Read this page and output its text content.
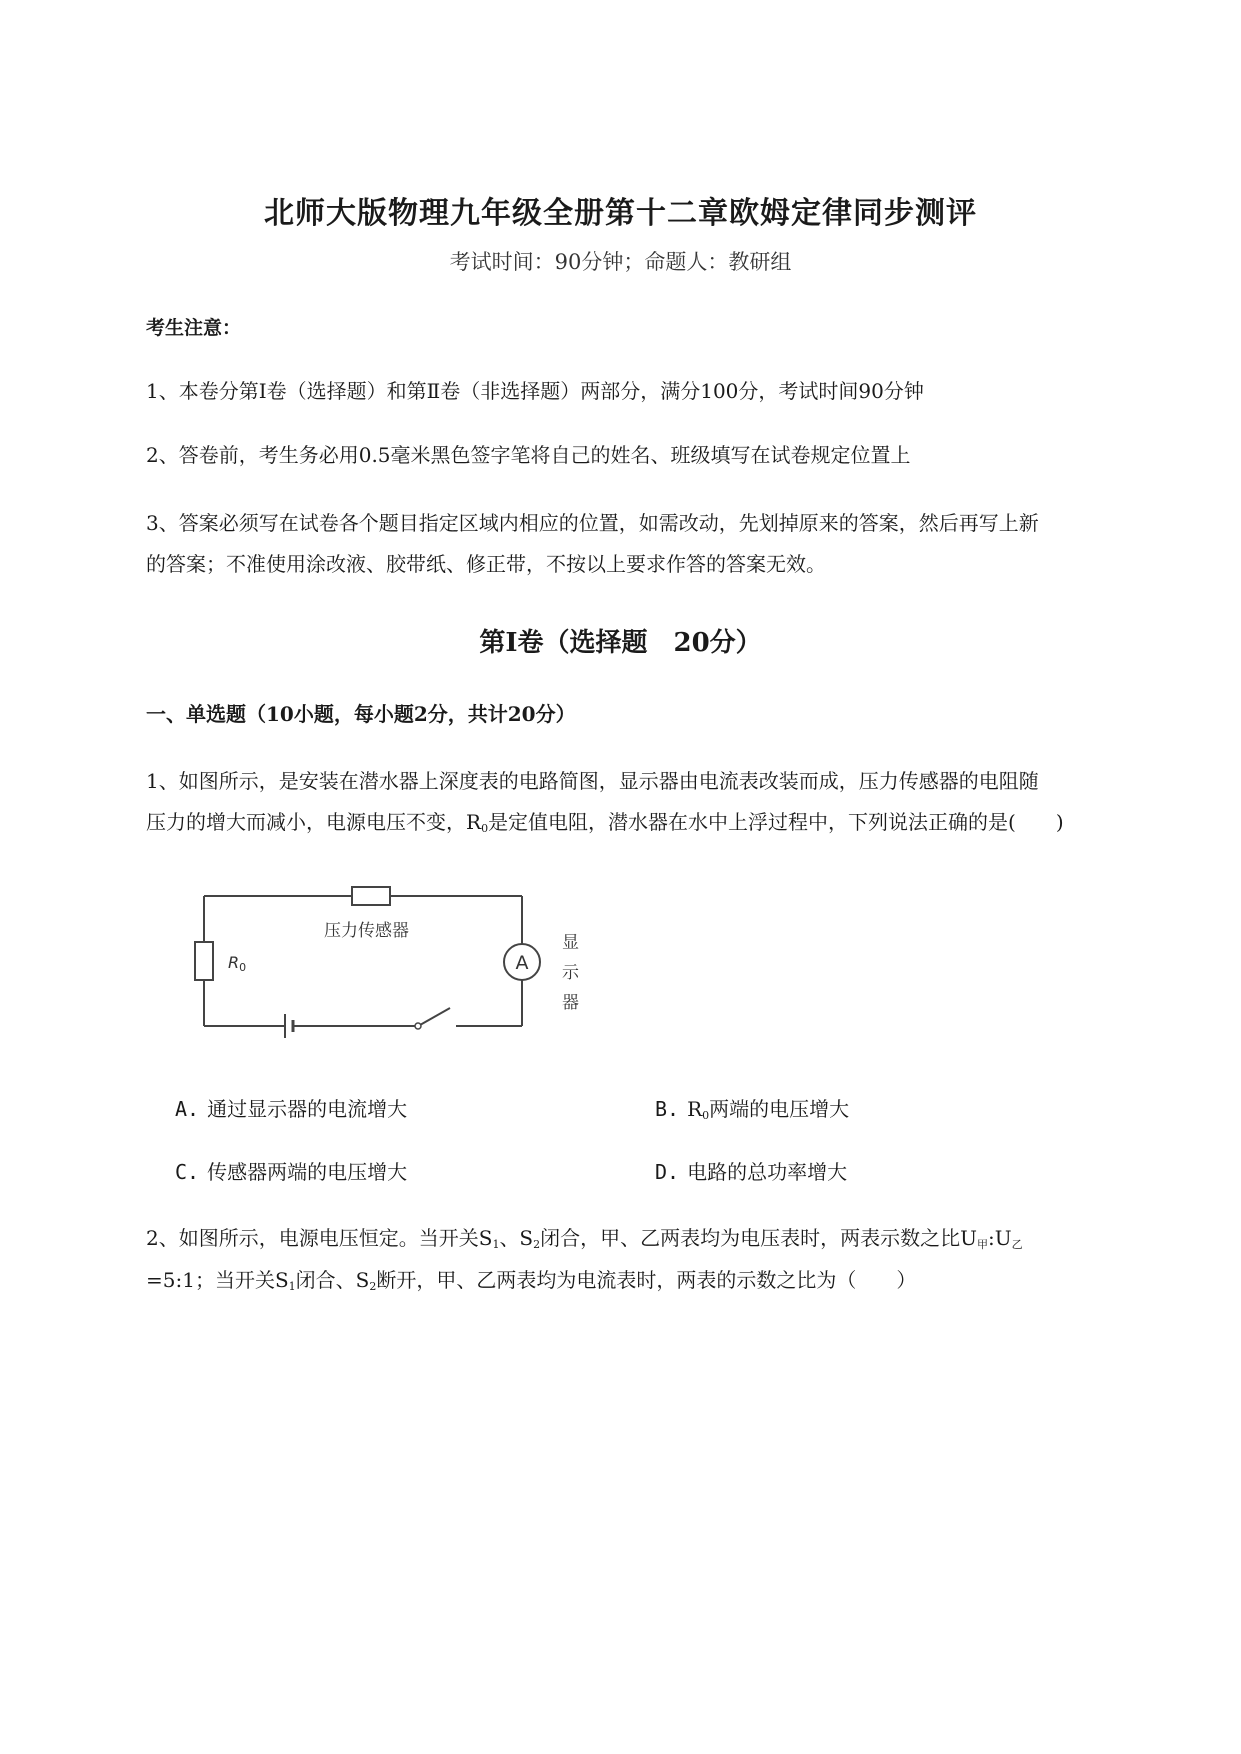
北师大版物理九年级全册第十二章欧姆定律同步测评
考试时间：90分钟；命题人：教研组
考生注意：
1、本卷分第Ⅰ卷（选择题）和第Ⅱ卷（非选择题）两部分，满分100分，考试时间90分钟
2、答卷前，考生务必用0.5毫米黑色签字笔将自己的姓名、班级填写在试卷规定位置上
3、答案必须写在试卷各个题目指定区域内相应的位置，如需改动，先划掉原来的答案，然后再写上新
的答案；不准使用涂改液、胶带纸、修正带，不按以上要求作答的答案无效。
第Ⅰ卷（选择题　20分）
一、单选题（10小题，每小题2分，共计20分）
1、如图所示，是安装在潜水器上深度表的电路简图，显示器由电流表改装而成，压力传感器的电阻随
压力的增大而减小，电源电压不变，$R_0$是定值电阻，潜水器在水中上浮过程中，下列说法正确的是(　　)
压力传感器
R0	A
显
示
器
A. 通过显示器的电流增大	B. $R_0$两端的电压增大
C. 传感器两端的电压增大	D. 电路的总功率增大
2、如图所示，电源电压恒定。当开关$S_1$、$S_2$闭合，甲、乙两表均为电压表时，两表示数之比$U_甲:U_乙$
=5:1；当开关$S_1$闭合、$S_2$断开，甲、乙两表均为电流表时，两表的示数之比为（　　）
